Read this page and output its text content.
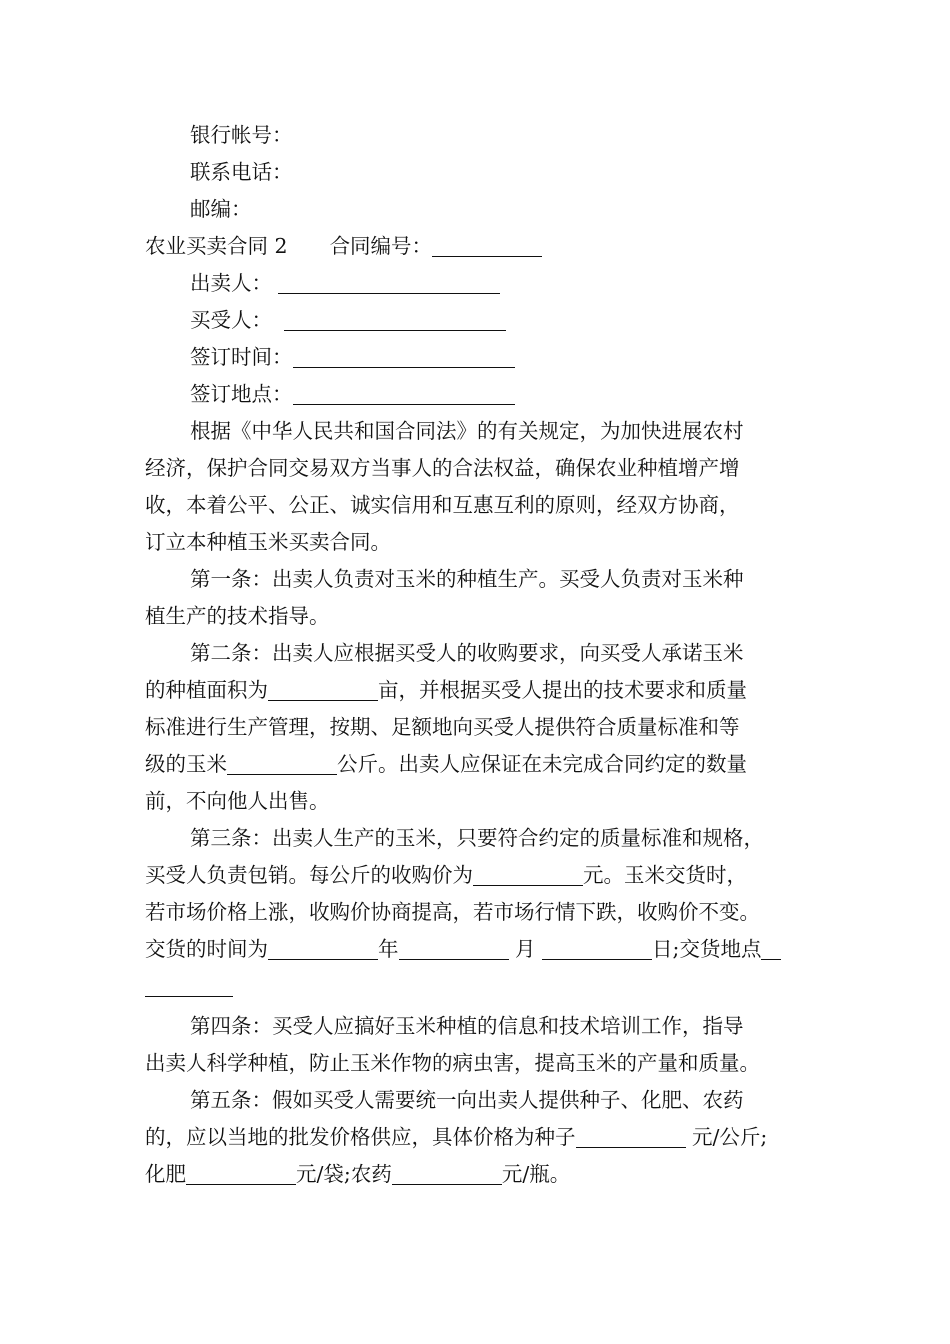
银行帐号：
联系电话：
邮编：
农业买卖合同 2 合同编号：
出卖人：
买受人：
签订时间：
签订地点：
根据《中华人民共和国合同法》的有关规定，为加快进展农村
经济，保护合同交易双方当事人的合法权益，确保农业种植增产增
收，本着公平、公正、诚实信用和互惠互利的原则，经双方协商，
订立本种植玉米买卖合同。
第一条：出卖人负责对玉米的种植生产。买受人负责对玉米种
植生产的技术指导。
第二条：出卖人应根据买受人的收购要求，向买受人承诺玉米
的种植面积为	亩，并根据买受人提出的技术要求和质量
标准进行生产管理，按期、足额地向买受人提供符合质量标准和等
级的玉米	公斤。出卖人应保证在未完成合同约定的数量
前，不向他人出售。
第三条：出卖人生产的玉米，只要符合约定的质量标准和规格，
买受人负责包销。每公斤的收购价为	元。玉米交货时，
若市场价格上涨，收购价协商提高，若市场行情下跌，收购价不变。
交货的时间为	年	月	日;交货地点
第四条：买受人应搞好玉米种植的信息和技术培训工作，指导
出卖人科学种植，防止玉米作物的病虫害，提高玉米的产量和质量。
第五条：假如买受人需要统一向出卖人提供种子、化肥、农药
的，应以当地的批发价格供应，具体价格为种子	元/公斤;
化肥	元/袋;农药	元/瓶。
